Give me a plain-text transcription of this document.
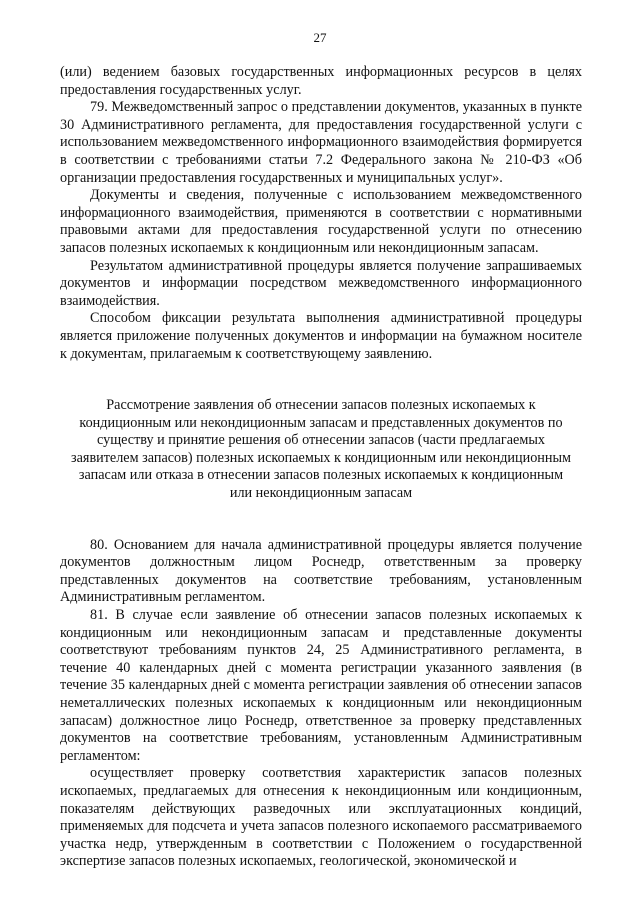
27

(или) ведением базовых государственных информационных ресурсов в целях предоставления государственных услуг.

79. Межведомственный запрос о представлении документов, указанных в пункте 30 Административного регламента, для предоставления государственной услуги с использованием межведомственного информационного взаимодействия формируется в соответствии с требованиями статьи 7.2 Федерального закона № 210-ФЗ «Об организации предоставления государственных и муниципальных услуг».

Документы и сведения, полученные с использованием межведомственного информационного взаимодействия, применяются в соответствии с нормативными правовыми актами для предоставления государственной услуги по отнесению запасов полезных ископаемых к кондиционным или некондиционным запасам.

Результатом административной процедуры является получение запрашиваемых документов и информации посредством межведомственного информационного взаимодействия.

Способом фиксации результата выполнения административной процедуры является приложение полученных документов и информации на бумажном носителе к документам, прилагаемым к соответствующему заявлению.

Рассмотрение заявления об отнесении запасов полезных ископаемых к кондиционным или некондиционным запасам и представленных документов по существу и принятие решения об отнесении запасов (части предлагаемых заявителем запасов) полезных ископаемых к кондиционным или некондиционным запасам или отказа в отнесении запасов полезных ископаемых к кондиционным или некондиционным запасам

80. Основанием для начала административной процедуры является получение документов должностным лицом Роснедр, ответственным за проверку представленных документов на соответствие требованиям, установленным Административным регламентом.

81. В случае если заявление об отнесении запасов полезных ископаемых к кондиционным или некондиционным запасам и представленные документы соответствуют требованиям пунктов 24, 25 Административного регламента, в течение 40 календарных дней с момента регистрации указанного заявления (в течение 35 календарных дней с момента регистрации заявления об отнесении запасов неметаллических полезных ископаемых к кондиционным или некондиционным запасам) должностное лицо Роснедр, ответственное за проверку представленных документов на соответствие требованиям, установленным Административным регламентом:

осуществляет проверку соответствия характеристик запасов полезных ископаемых, предлагаемых для отнесения к некондиционным или кондиционным, показателям действующих разведочных или эксплуатационных кондиций, применяемых для подсчета и учета запасов полезного ископаемого рассматриваемого участка недр, утвержденным в соответствии с Положением о государственной экспертизе запасов полезных ископаемых, геологической, экономической и
